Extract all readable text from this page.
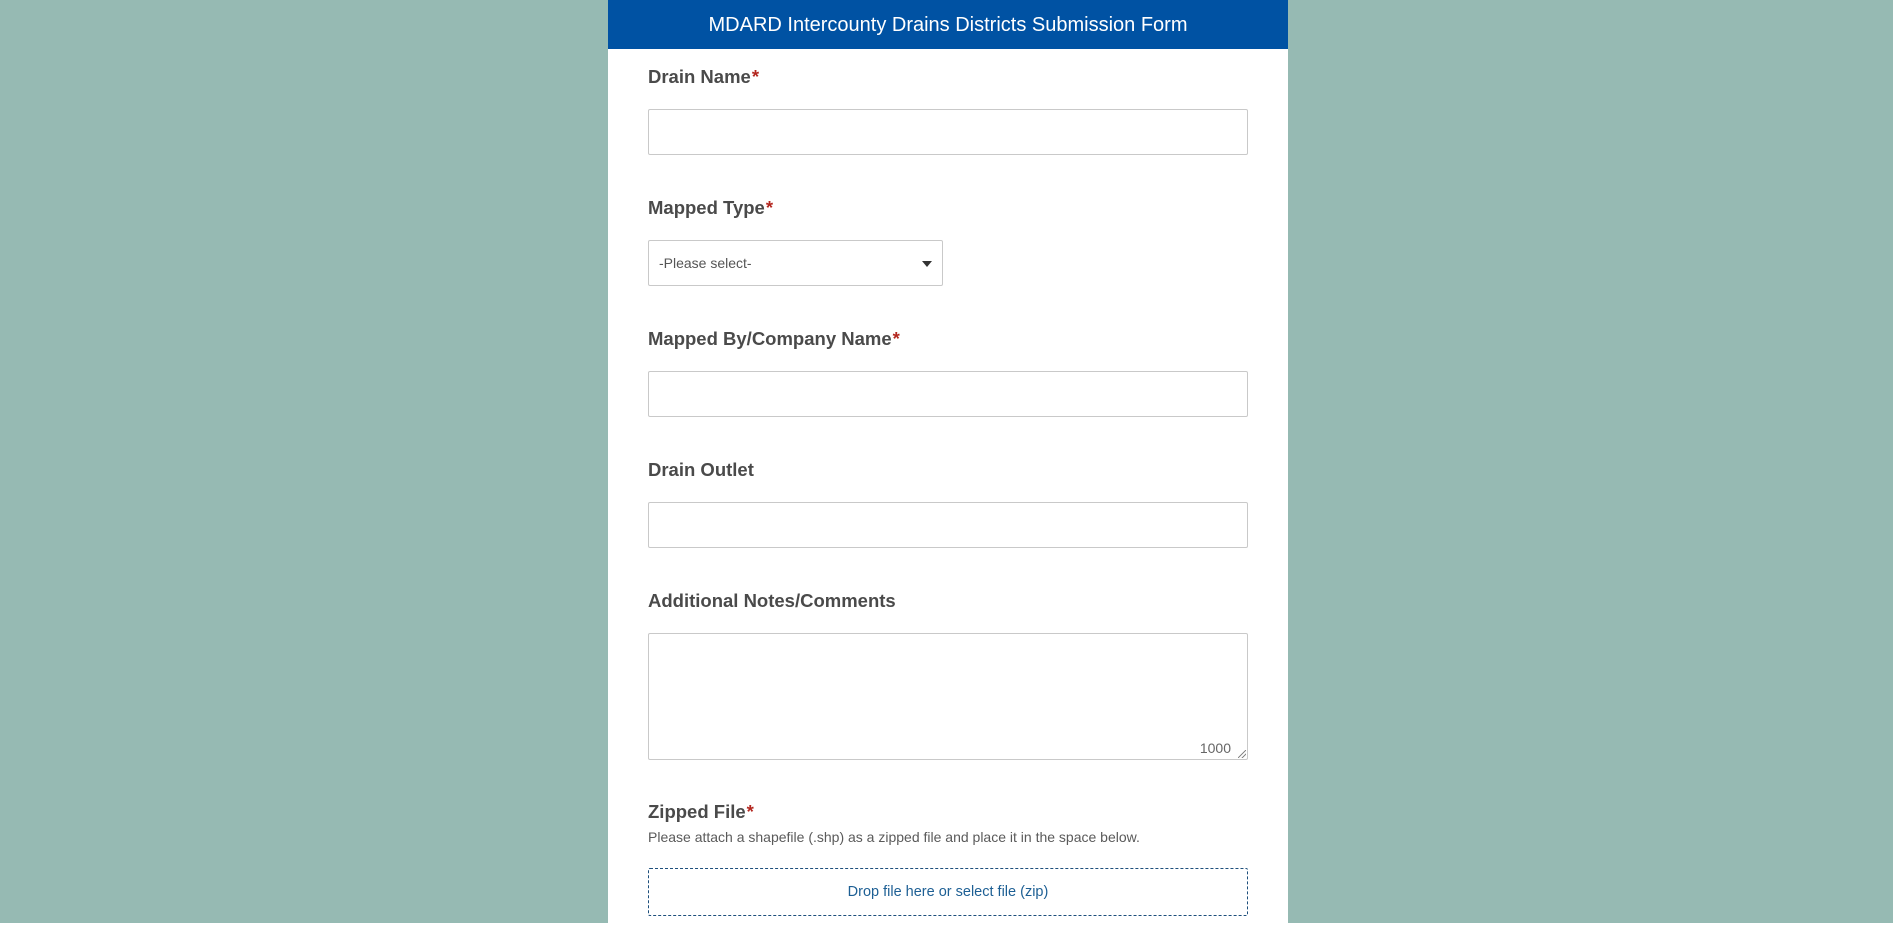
MDARD Intercounty Drains Districts Submission Form
Drain Name*
Mapped Type*
-Please select-
Mapped By/Company Name*
Drain Outlet
Additional Notes/Comments
1000
Zipped File*
Please attach a shapefile (.shp) as a zipped file and place it in the space below.
Drop file here or select file (zip)
